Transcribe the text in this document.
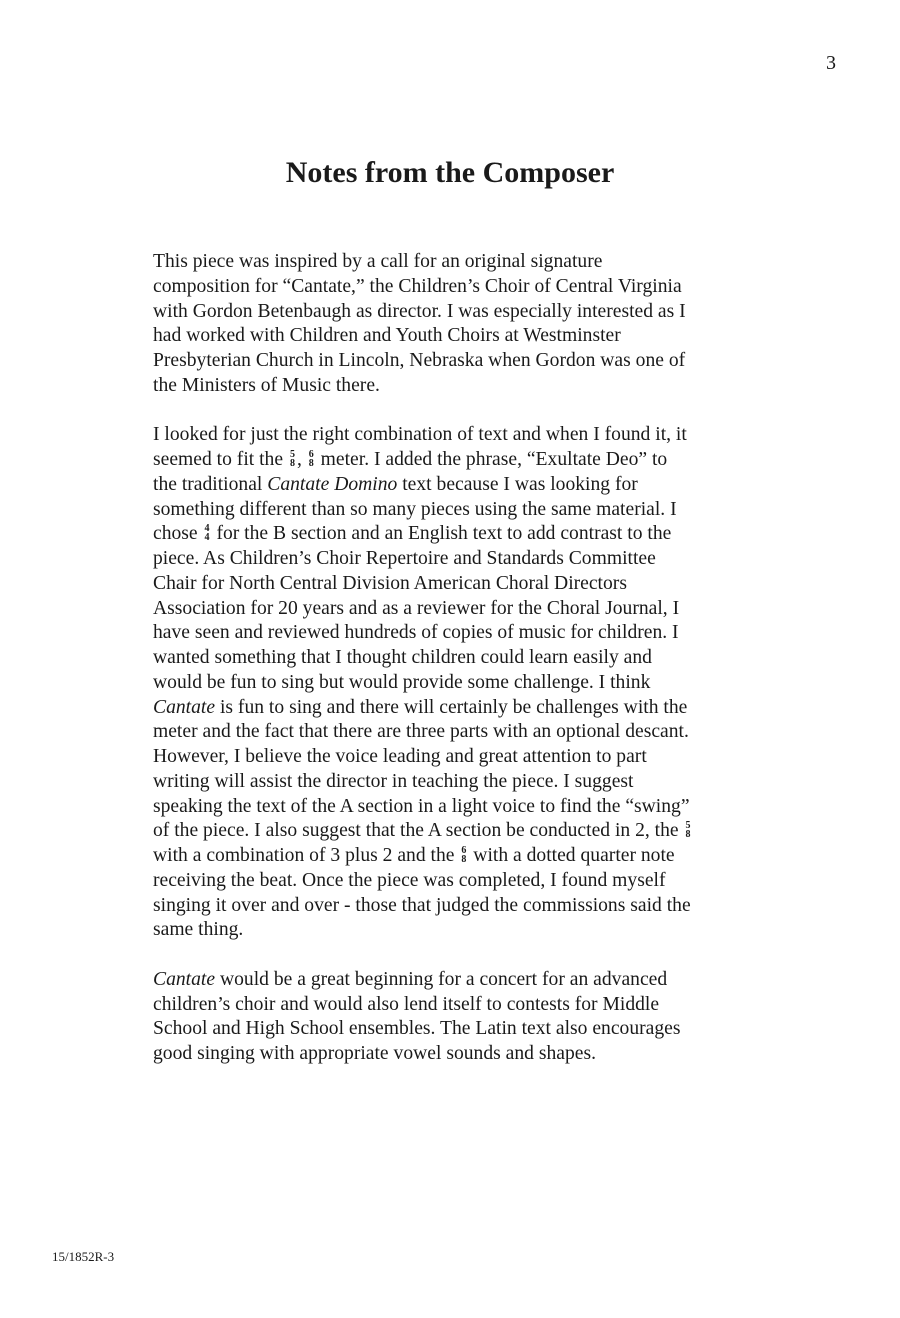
3
Notes from the Composer

This piece was inspired by a call for an original signature
composition for “Cantate,” the Children’s Choir of Central Virginia
with Gordon Betenbaugh as director. I was especially interested as I
had worked with Children and Youth Choirs at Westminster
Presbyterian Church in Lincoln, Nebraska when Gordon was one of
the Ministers of Music there.

I looked for just the right combination of text and when I found it, it
seemed to fit the 5
8 , 6
8 meter. I added the phrase, “Exultate Deo” to
the traditional Cantate Domino text because I was looking for
something different than so many pieces using the same material. I
chose 4
4 for the B section and an English text to add contrast to the
piece. As Children’s Choir Repertoire and Standards Committee
Chair for North Central Division American Choral Directors
Association for 20 years and as a reviewer for the Choral Journal, I
have seen and reviewed hundreds of copies of music for children. I
wanted something that I thought children could learn easily and
would be fun to sing but would provide some challenge. I think
Cantate is fun to sing and there will certainly be challenges with the
meter and the fact that there are three parts with an optional descant.
However, I believe the voice leading and great attention to part
writing will assist the director in teaching the piece. I suggest
speaking the text of the A section in a light voice to find the “swing”
of the piece. I also suggest that the A section be conducted in 2, the 5
8

with a combination of 3 plus 2 and the 6
8 with a dotted quarter note
receiving the beat. Once the piece was completed, I found myself
singing it over and over - those that judged the commissions said the
same thing.

Cantate would be a great beginning for a concert for an advanced
children’s choir and would also lend itself to contests for Middle
School and High School ensembles. The Latin text also encourages
good singing with appropriate vowel sounds and shapes.

15/1852R-3
